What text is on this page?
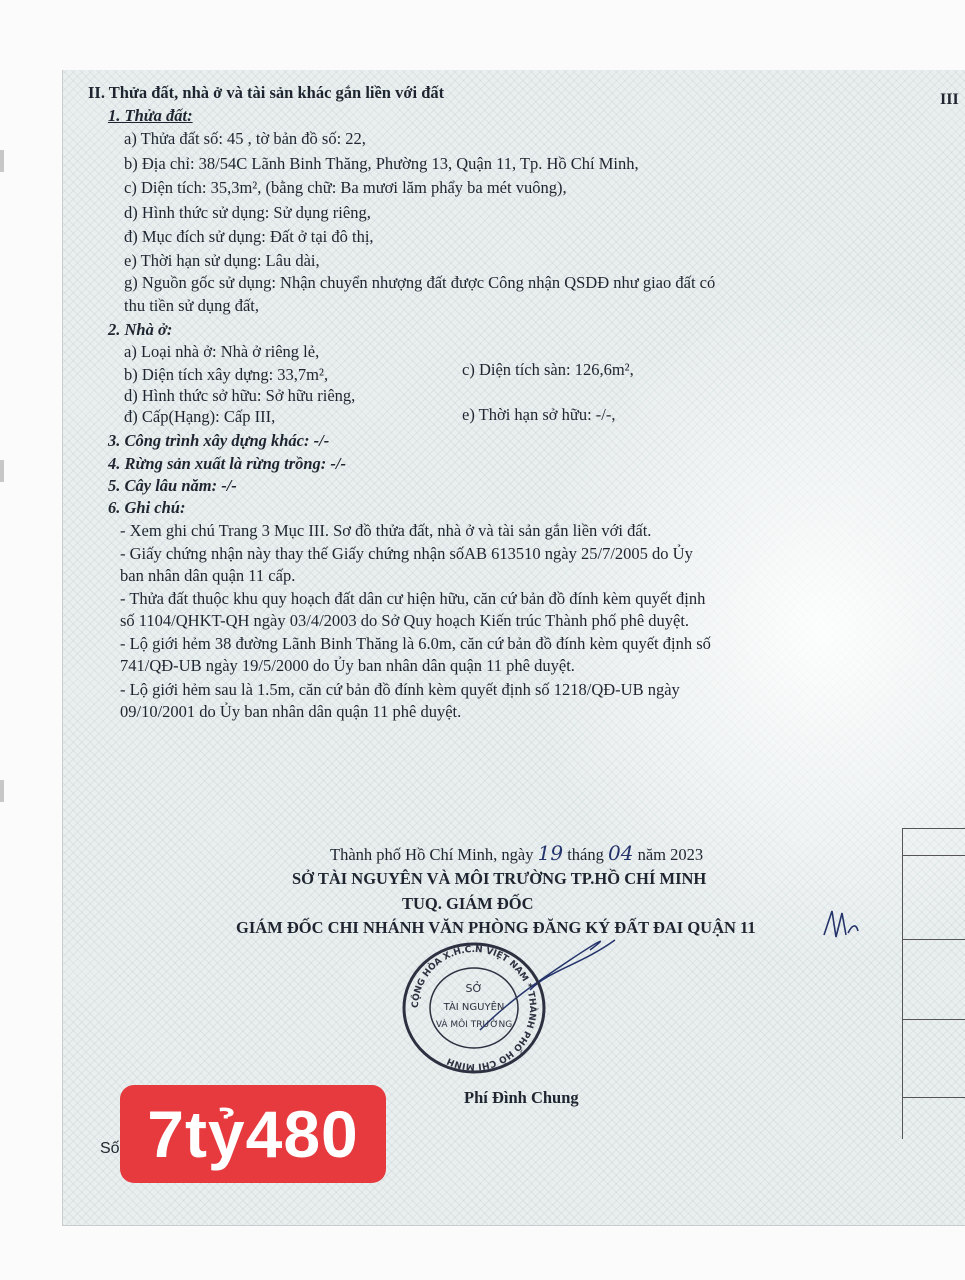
III
II. Thửa đất, nhà ở và tài sản khác gắn liền với đất
1. Thửa đất:
a) Thửa đất số: 45 , tờ bản đồ số: 22,
b) Địa chỉ: 38/54C Lãnh Binh Thăng, Phường 13, Quận 11, Tp. Hồ Chí Minh,
c) Diện tích: 35,3m², (bằng chữ: Ba mươi lăm phẩy ba mét vuông),
d) Hình thức sử dụng: Sử dụng riêng,
đ) Mục đích sử dụng: Đất ở tại đô thị,
e) Thời hạn sử dụng: Lâu dài,
g) Nguồn gốc sử dụng: Nhận chuyển nhượng đất được Công nhận QSDĐ như giao đất có
thu tiền sử dụng đất,
2. Nhà ở:
a) Loại nhà ở: Nhà ở riêng lẻ,
b) Diện tích xây dựng: 33,7m²,	c) Diện tích sàn: 126,6m²,
d) Hình thức sở hữu: Sở hữu riêng,
đ) Cấp(Hạng): Cấp III,	e) Thời hạn sở hữu: -/-,
3. Công trình xây dựng khác: -/-
4. Rừng sản xuất là rừng trồng: -/-
5. Cây lâu năm: -/-
6. Ghi chú:
- Xem ghi chú Trang 3 Mục III. Sơ đồ thửa đất, nhà ở và tài sản gắn liền với đất.
- Giấy chứng nhận này thay thế Giấy chứng nhận sốAB 613510 ngày 25/7/2005 do Ủy
ban nhân dân quận 11 cấp.
- Thửa đất thuộc khu quy hoạch đất dân cư hiện hữu, căn cứ bản đồ đính kèm quyết định
số 1104/QHKT-QH ngày 03/4/2003 do Sở Quy hoạch Kiến trúc Thành phố phê duyệt.
- Lộ giới hẻm 38 đường Lãnh Binh Thăng là 6.0m, căn cứ bản đồ đính kèm quyết định số
741/QĐ-UB ngày 19/5/2000 do Ủy ban nhân dân quận 11 phê duyệt.
- Lộ giới hẻm sau là 1.5m, căn cứ bản đồ đính kèm quyết định số 1218/QĐ-UB ngày
09/10/2001 do Ủy ban nhân dân quận 11 phê duyệt.
Thành phố Hồ Chí Minh, ngày 19 tháng 04 năm 2023
SỞ TÀI NGUYÊN VÀ MÔI TRƯỜNG TP.HỒ CHÍ MINH
TUQ. GIÁM ĐỐC
GIÁM ĐỐC CHI NHÁNH VĂN PHÒNG ĐĂNG KÝ ĐẤT ĐAI QUẬN 11
CỘNG HÒA X.H.C.N VIỆT NAM * THÀNH PHỐ HỒ CHÍ MINH
SỞ
TÀI NGUYÊN
VÀ MÔI TRƯỜNG
Phí Đình Chung
Số 7tỷ480
